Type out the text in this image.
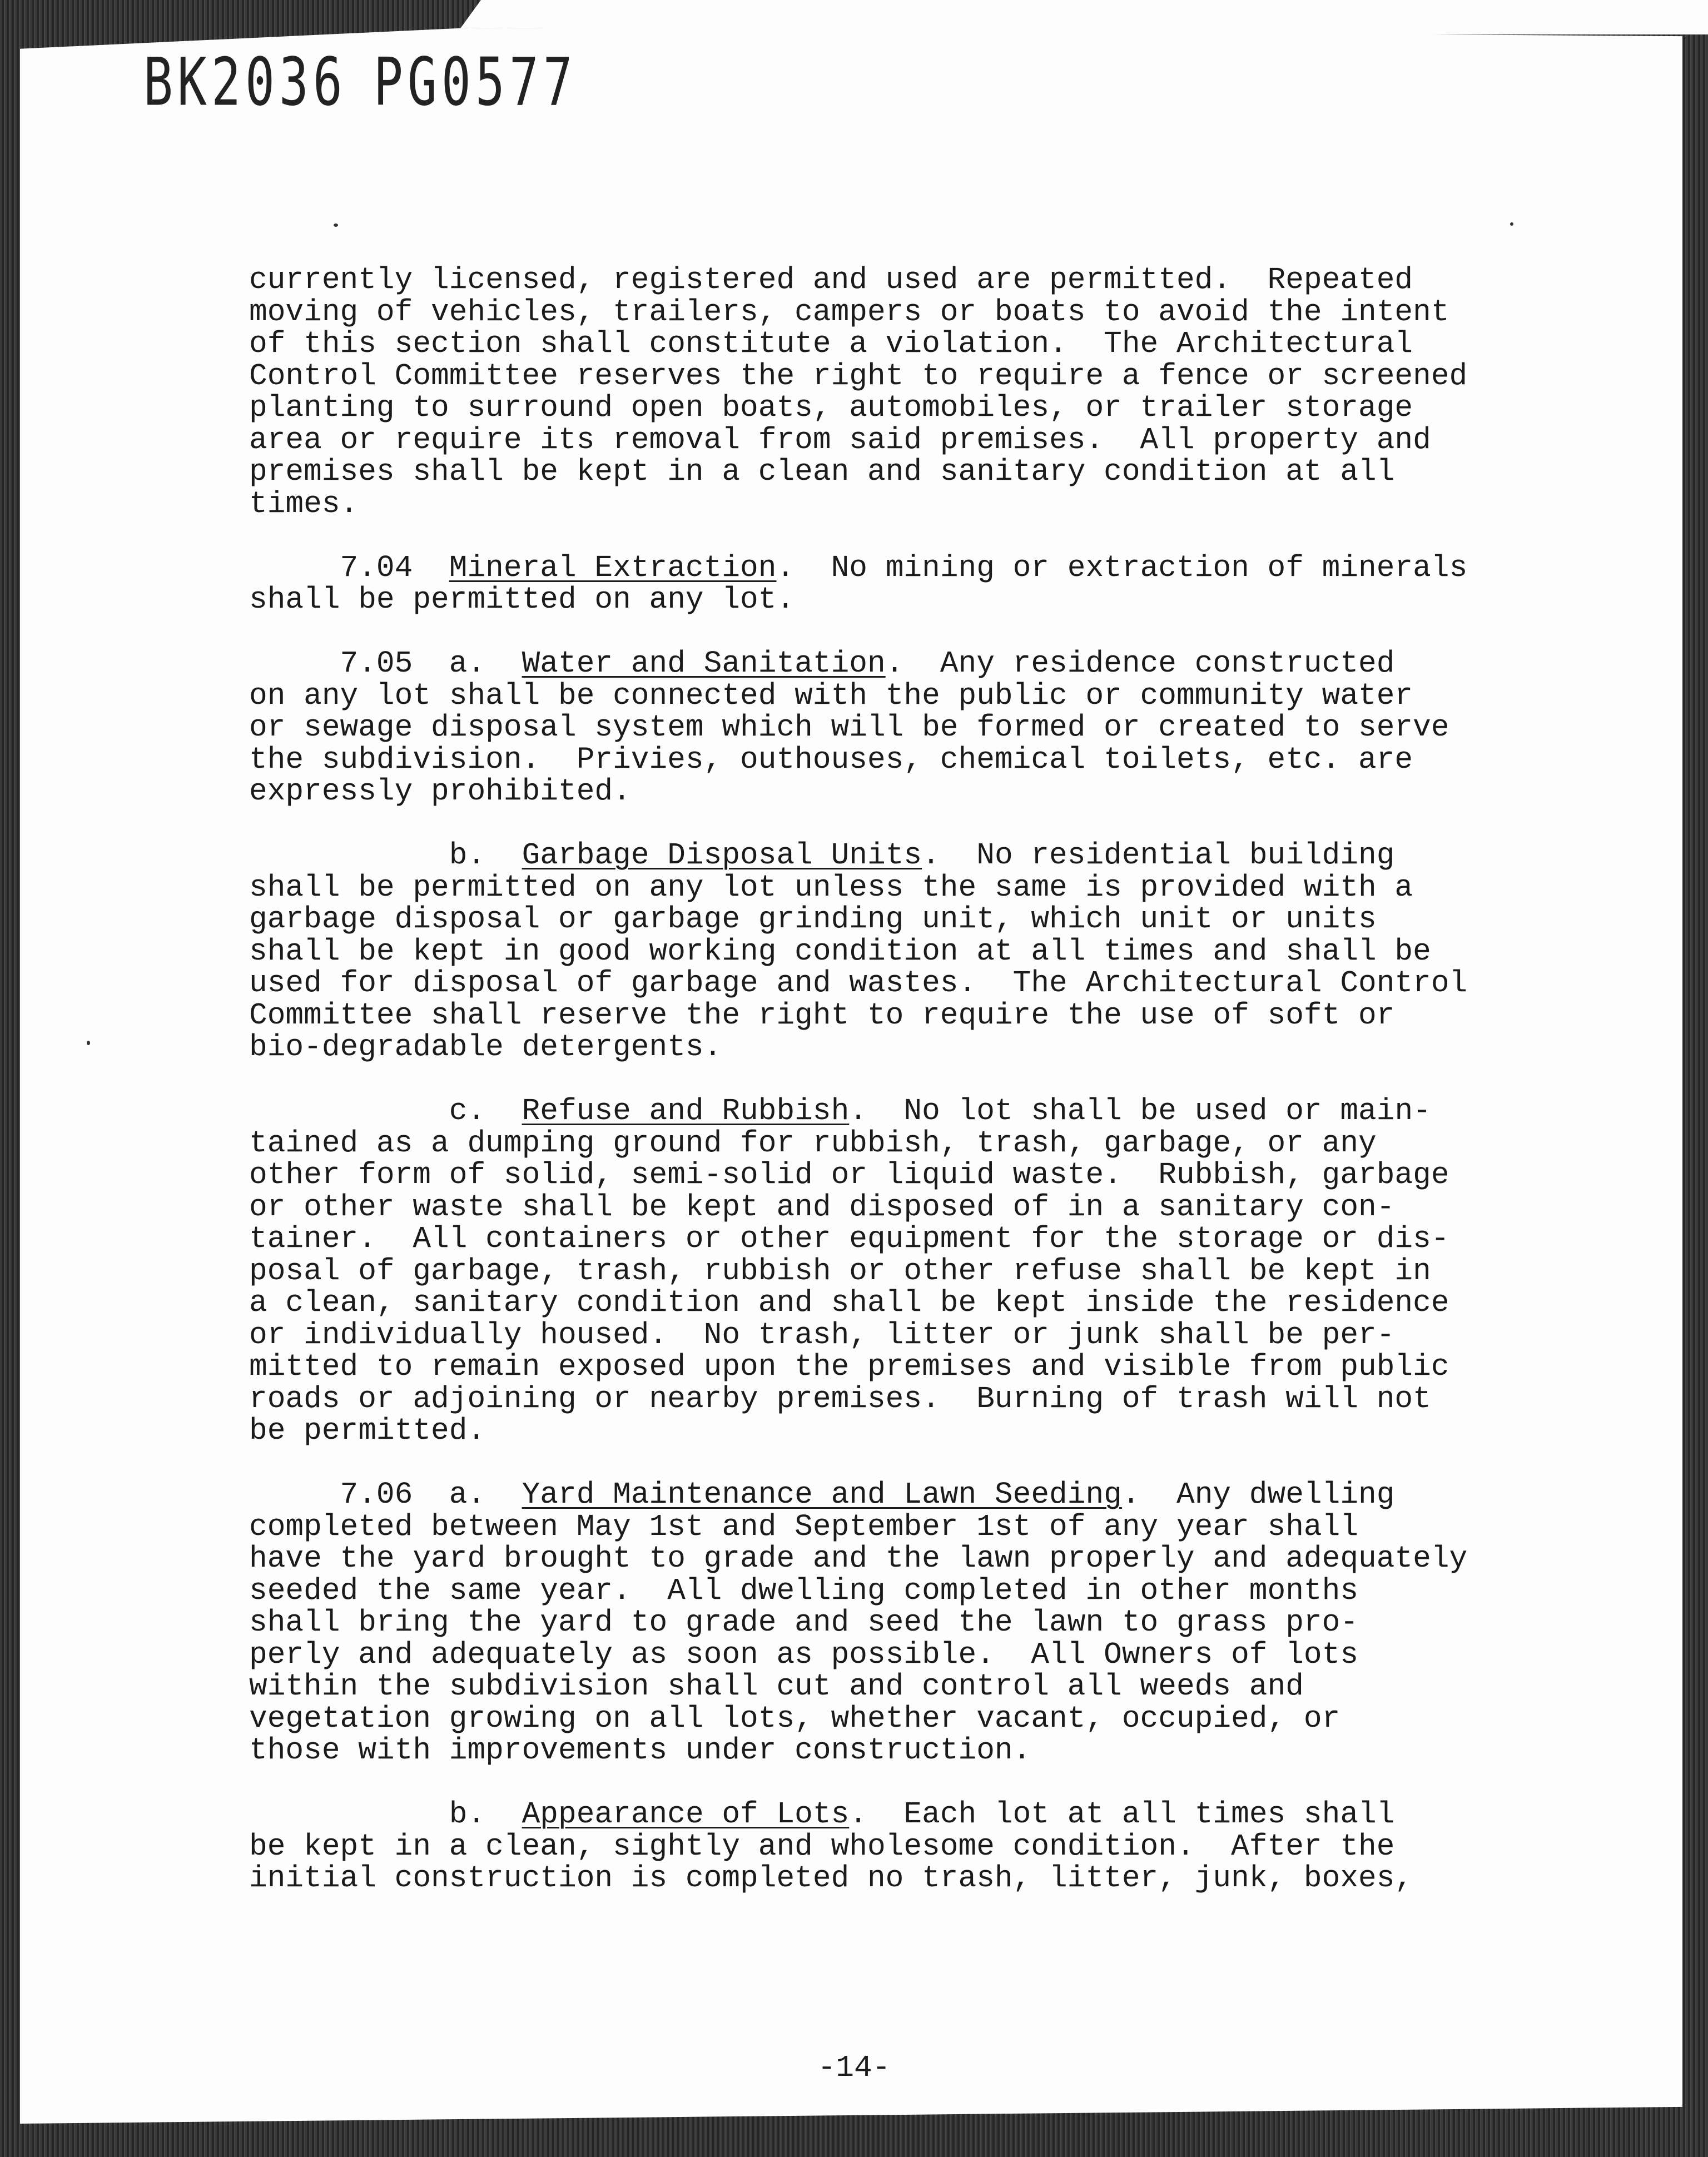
BK2036 PG0577
currently licensed, registered and used are permitted.  Repeated
moving of vehicles, trailers, campers or boats to avoid the intent
of this section shall constitute a violation.  The Architectural
Control Committee reserves the right to require a fence or screened
planting to surround open boats, automobiles, or trailer storage
area or require its removal from said premises.  All property and
premises shall be kept in a clean and sanitary condition at all
times.
7.04  Mineral Extraction.  No mining or extraction of minerals
shall be permitted on any lot.
7.05  a.  Water and Sanitation.  Any residence constructed
on any lot shall be connected with the public or community water
or sewage disposal system which will be formed or created to serve
the subdivision.  Privies, outhouses, chemical toilets, etc. are
expressly prohibited.
b.  Garbage Disposal Units.  No residential building
shall be permitted on any lot unless the same is provided with a
garbage disposal or garbage grinding unit, which unit or units
shall be kept in good working condition at all times and shall be
used for disposal of garbage and wastes.  The Architectural Control
Committee shall reserve the right to require the use of soft or
bio-degradable detergents.
c.  Refuse and Rubbish.  No lot shall be used or main-
tained as a dumping ground for rubbish, trash, garbage, or any
other form of solid, semi-solid or liquid waste.  Rubbish, garbage
or other waste shall be kept and disposed of in a sanitary con-
tainer.  All containers or other equipment for the storage or dis-
posal of garbage, trash, rubbish or other refuse shall be kept in
a clean, sanitary condition and shall be kept inside the residence
or individually housed.  No trash, litter or junk shall be per-
mitted to remain exposed upon the premises and visible from public
roads or adjoining or nearby premises.  Burning of trash will not
be permitted.
7.06  a.  Yard Maintenance and Lawn Seeding.  Any dwelling
completed between May 1st and September 1st of any year shall
have the yard brought to grade and the lawn properly and adequately
seeded the same year.  All dwelling completed in other months
shall bring the yard to grade and seed the lawn to grass pro-
perly and adequately as soon as possible.  All Owners of lots
within the subdivision shall cut and control all weeds and
vegetation growing on all lots, whether vacant, occupied, or
those with improvements under construction.
b.  Appearance of Lots.  Each lot at all times shall
be kept in a clean, sightly and wholesome condition.  After the
initial construction is completed no trash, litter, junk, boxes,
-14-
